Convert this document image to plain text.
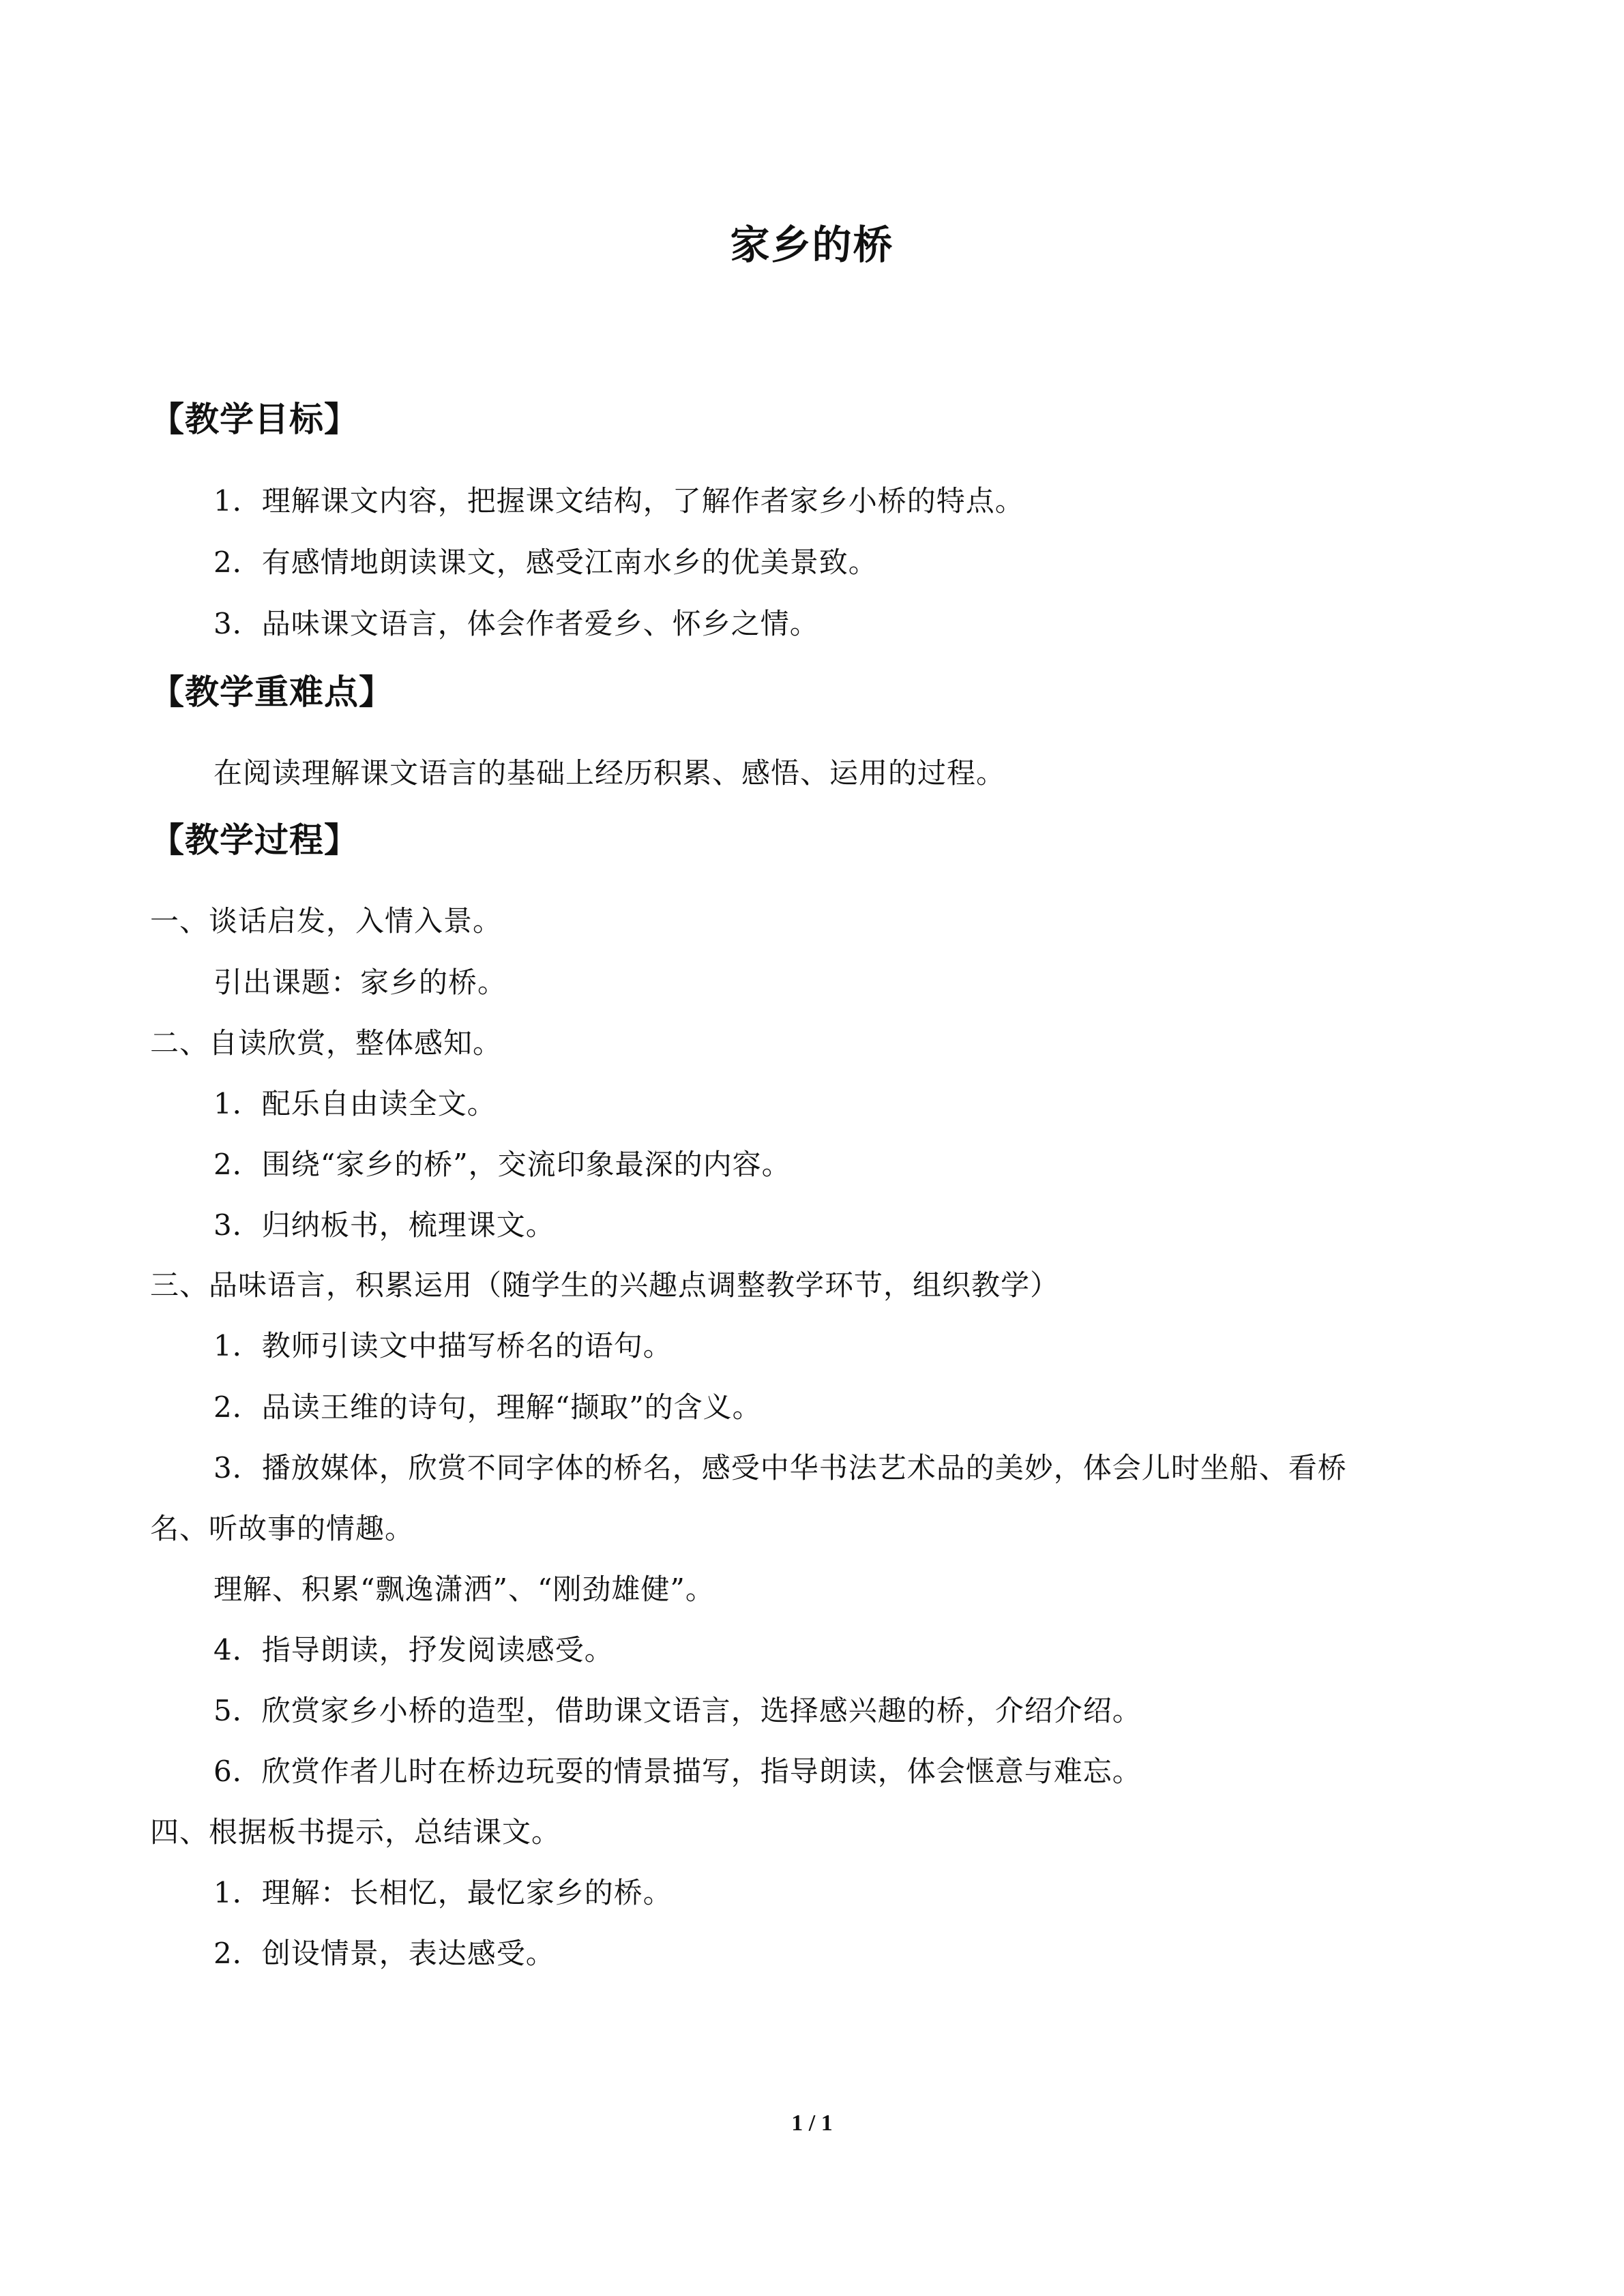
家乡的桥
【教学目标】
1．理解课文内容，把握课文结构，了解作者家乡小桥的特点。
2．有感情地朗读课文，感受江南水乡的优美景致。
3．品味课文语言，体会作者爱乡、怀乡之情。
【教学重难点】
在阅读理解课文语言的基础上经历积累、感悟、运用的过程。
【教学过程】
一、谈话启发，入情入景。
引出课题：家乡的桥。
二、自读欣赏，整体感知。
1．配乐自由读全文。
2．围绕“家乡的桥”，交流印象最深的内容。
3．归纳板书，梳理课文。
三、品味语言，积累运用（随学生的兴趣点调整教学环节，组织教学）
1．教师引读文中描写桥名的语句。
2．品读王维的诗句，理解“撷取”的含义。
3．播放媒体，欣赏不同字体的桥名，感受中华书法艺术品的美妙，体会儿时坐船、看桥
名、听故事的情趣。
理解、积累“飘逸潇洒”、“刚劲雄健”。
4．指导朗读，抒发阅读感受。
5．欣赏家乡小桥的造型，借助课文语言，选择感兴趣的桥，介绍介绍。
6．欣赏作者儿时在桥边玩耍的情景描写，指导朗读，体会惬意与难忘。
四、根据板书提示，总结课文。
1．理解：长相忆，最忆家乡的桥。
2．创设情景，表达感受。
1 / 1
